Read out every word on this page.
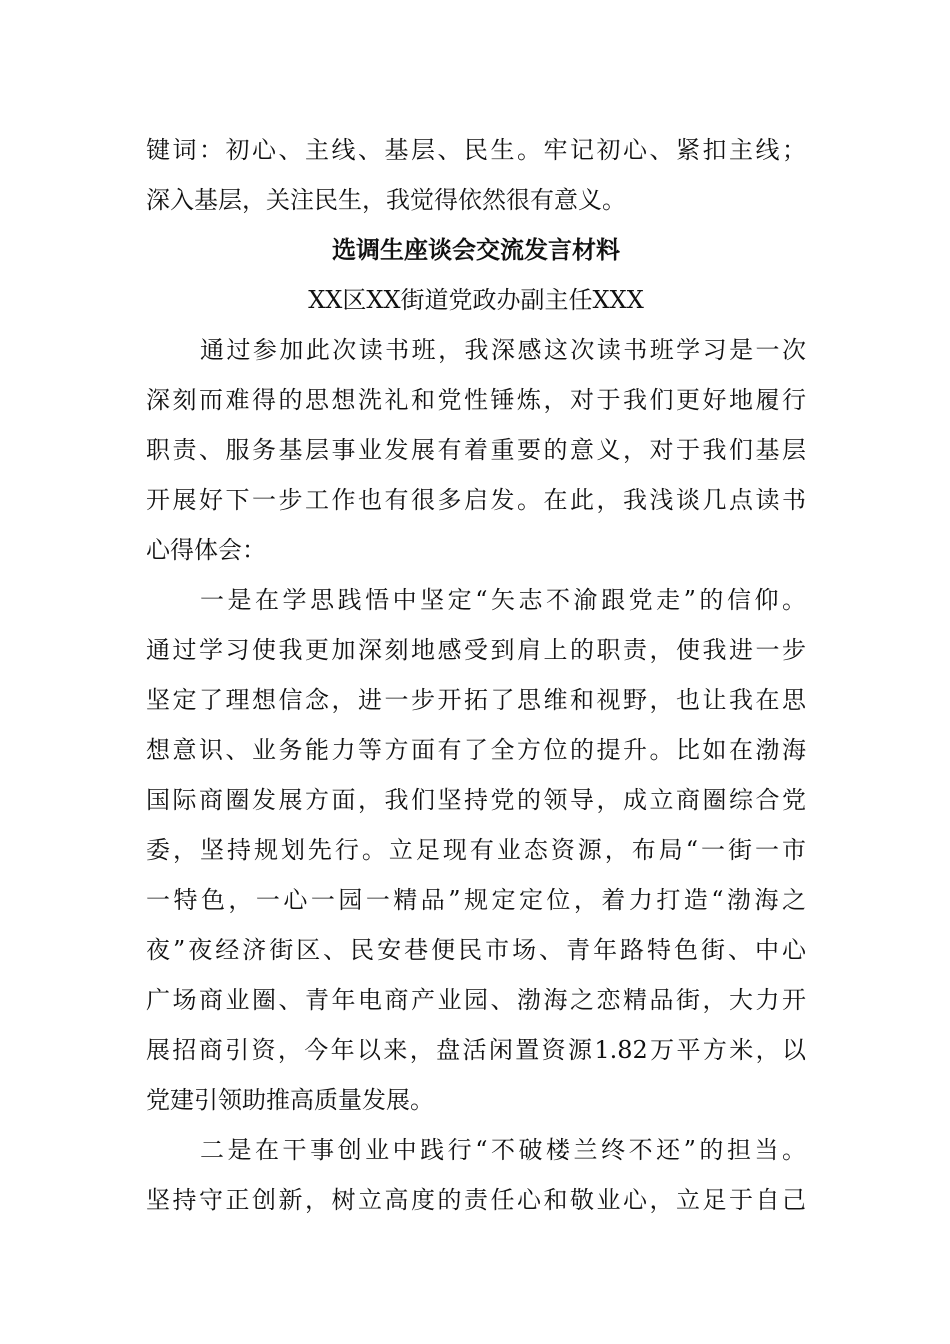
键词：初心、主线、基层、民生。牢记初心、紧扣主线；
深入基层，关注民生，我觉得依然很有意义。
选调生座谈会交流发言材料
XX区XX街道党政办副主任XXX
通过参加此次读书班，我深感这次读书班学习是一次
深刻而难得的思想洗礼和党性锤炼，对于我们更好地履行
职责、服务基层事业发展有着重要的意义，对于我们基层
开展好下一步工作也有很多启发。在此，我浅谈几点读书
心得体会：
一是在学思践悟中坚定“矢志不渝跟党走”的信仰。
通过学习使我更加深刻地感受到肩上的职责，使我进一步
坚定了理想信念，进一步开拓了思维和视野，也让我在思
想意识、业务能力等方面有了全方位的提升。比如在渤海
国际商圈发展方面，我们坚持党的领导，成立商圈综合党
委，坚持规划先行。立足现有业态资源，布局“一街一市
一特色，一心一园一精品”规定定位，着力打造“渤海之
夜”夜经济街区、民安巷便民市场、青年路特色街、中心
广场商业圈、青年电商产业园、渤海之恋精品街，大力开
展招商引资，今年以来，盘活闲置资源1.82万平方米，以
党建引领助推高质量发展。
二是在干事创业中践行“不破楼兰终不还”的担当。
坚持守正创新，树立高度的责任心和敬业心，立足于自己
